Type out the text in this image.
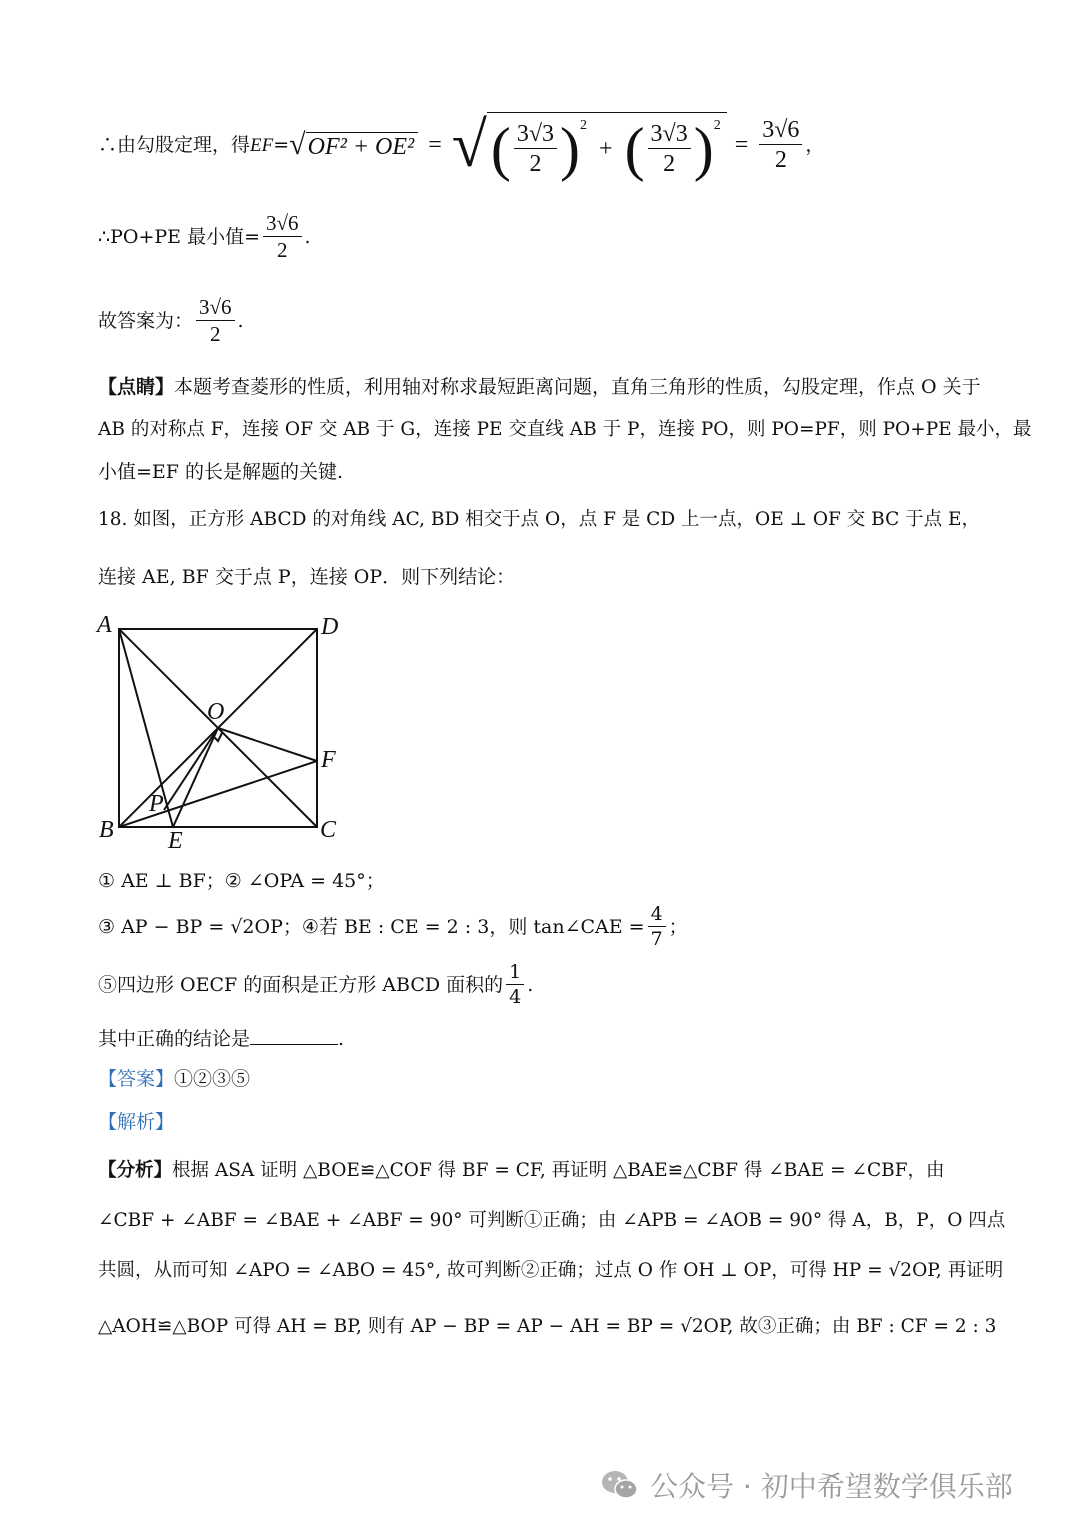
∴由勾股定理，得 EF = √ OF² + OE² = √ ( $\frac{3√3}{2} )^2$
+ ( $\frac{3√3}{2} )^2$
= $\frac{3√6}{2}$ ，
∴PO+PE 最小值= $\frac{3√6}{2}$ .
故答案为： $\frac{3√6}{2}$ .
【点睛】本题考查菱形的性质，利用轴对称求最短距离问题，直角三角形的性质，勾股定理，作点 O 关于
AB 的对称点 F，连接 OF 交 AB 于 G，连接 PE 交直线 AB 于 P，连接 PO，则 PO=PF，则 PO+PE 最小，最
小值=EF 的长是解题的关键.
18. 如图，正方形 ABCD 的对角线 AC, BD 相交于点 O，点 F 是 CD 上一点，OE ⊥ OF 交 BC 于点 E，
连接 AE, BF 交于点 P，连接 OP．则下列结论：
A	D
O
F
P
B E	C
① AE ⊥ BF；② ∠OPA = 45°；
③ AP − BP = √2OP；④若 BE : CE = 2 : 3，则 tan∠CAE = $\frac{4}{7}$ ；
⑤四边形 OECF 的面积是正方形 ABCD 面积的 $\frac{1}{4}$ .
其中正确的结论是	.
【答案】①②③⑤
【解析】
【分析】根据 ASA 证明 △BOE≌△COF 得 BF = CF, 再证明 △BAE≌△CBF 得 ∠BAE = ∠CBF，由
∠CBF + ∠ABF = ∠BAE + ∠ABF = 90° 可判断①正确；由 ∠APB = ∠AOB = 90° 得 A，B，P，O 四点
共圆，从而可知 ∠APO = ∠ABO = 45°, 故可判断②正确；过点 O 作 OH ⊥ OP，可得 HP = √2OP, 再证明
△AOH≌△BOP 可得 AH = BP, 则有 AP − BP = AP − AH = BP = √2OP, 故③正确；由 BF : CF = 2 : 3
公众号 · 初中希望数学俱乐部
